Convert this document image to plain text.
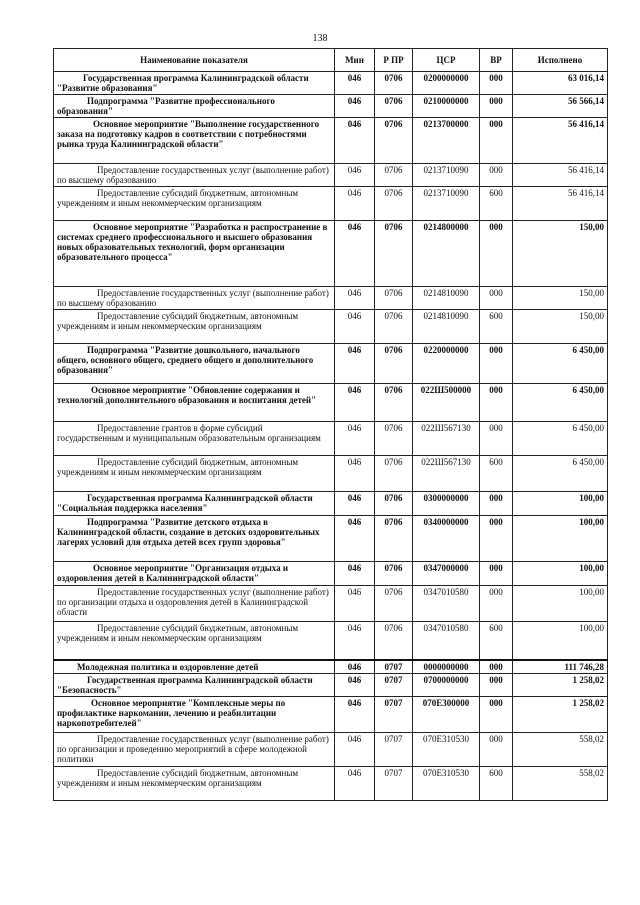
138
Наименование показателя	Мин	Р ПР	ЦСР	ВР	Исполнено
Государственная программа Калининградской области "Развитие образования"	046	0706	0200000000	000	63 016,14
Подпрограмма "Развитие профессионального образования"	046	0706	0210000000	000	56 566,14
Основное мероприятие "Выполнение государственного заказа на подготовку кадров в соответствии с потребностями рынка труда Калининградской области"	046	0706	0213700000	000	56 416,14
Предоставление государственных услуг (выполнение работ) по высшему образованию	046	0706	0213710090	000	56 416,14
Предоставление субсидий бюджетным, автономным учреждениям и иным некоммерческим организациям	046	0706	0213710090	600	56 416,14
Основное мероприятие "Разработка и распространение в системах среднего профессионального и высшего образования новых образовательных технологий, форм организации образовательного процесса"	046	0706	0214800000	000	150,00
Предоставление государственных услуг (выполнение работ) по высшему образованию	046	0706	0214810090	000	150,00
Предоставление субсидий бюджетным, автономным учреждениям и иным некоммерческим организациям	046	0706	0214810090	600	150,00
Подпрограмма "Развитие дошкольного, начального общего, основного общего, среднего общего и дополнительного образования"	046	0706	0220000000	000	6 450,00
Основное мероприятие "Обновление содержания и технологий дополнительного образования и воспитания детей"	046	0706	022Ш500000	000	6 450,00
Предоставление грантов в форме субсидий государственным и муниципальным образовательным организациям	046	0706	022Ш567130	000	6 450,00
Предоставление субсидий бюджетным, автономным учреждениям и иным некоммерческим организациям	046	0706	022Ш567130	600	6 450,00
Государственная программа Калининградской области "Социальная поддержка населения"	046	0706	0300000000	000	100,00
Подпрограмма "Развитие детского отдыха в Калининградской области, создание в детских оздоровительных лагерях условий для отдыха детей всех групп здоровья"	046	0706	0340000000	000	100,00
Основное мероприятие "Организация отдыха и оздоровления детей в Калининградской области"	046	0706	0347000000	000	100,00
Предоставление государственных услуг (выполнение работ) по организации отдыха и оздоровления детей в Калининградской области	046	0706	0347010580	000	100,00
Предоставление субсидий бюджетным, автономным учреждениям и иным некоммерческим организациям	046	0706	0347010580	600	100,00
Молодежная политика и оздоровление детей	046	0707	0000000000	000	111 746,28
Государственная программа Калининградской области "Безопасность"	046	0707	0700000000	000	1 258,02
Основное мероприятие "Комплексные меры по профилактике наркомании, лечению и реабилитации наркопотребителей"	046	0707	070Е300000	000	1 258,02
Предоставление государственных услуг (выполнение работ) по организации и проведению мероприятий в сфере молодежной политики	046	0707	070Е310530	000	558,02
Предоставление субсидий бюджетным, автономным учреждениям и иным некоммерческим организациям	046	0707	070Е310530	600	558,02
